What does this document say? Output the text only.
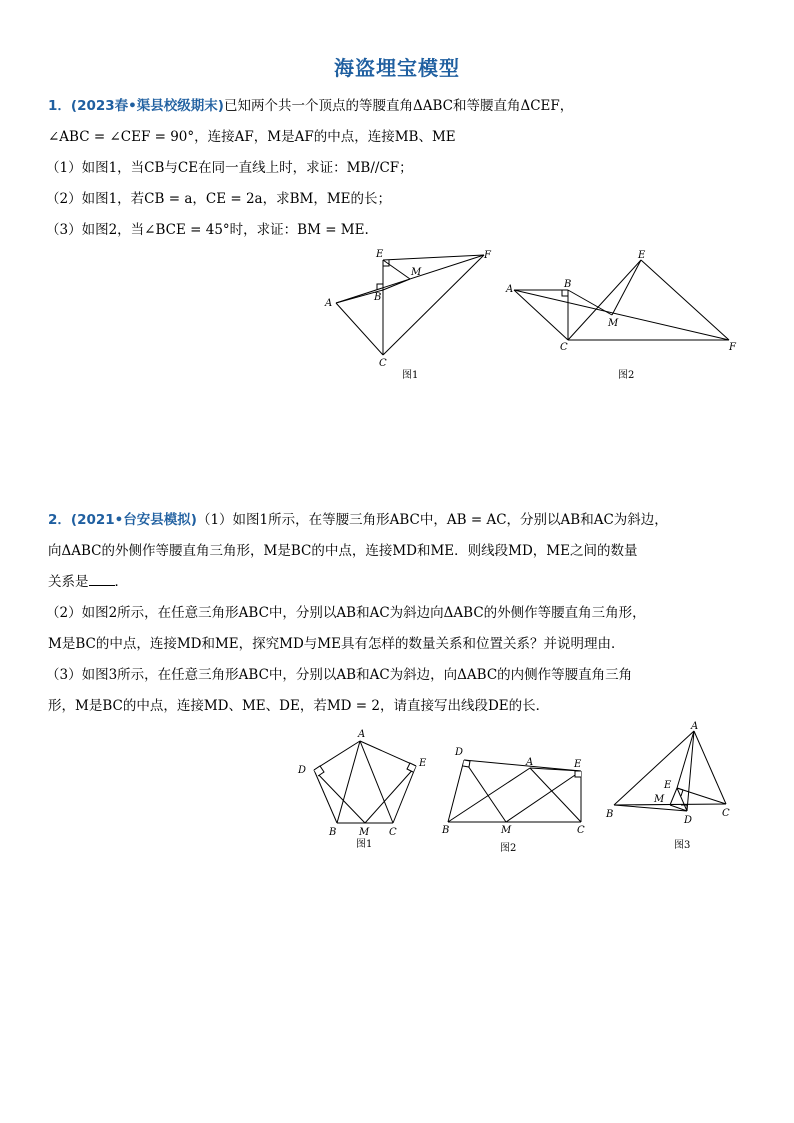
海盗埋宝模型
1．(2023春•渠县校级期末)已知两个共一个顶点的等腰直角ΔABC和等腰直角ΔCEF，
∠ABC = ∠CEF = 90°，连接AF，M是AF的中点，连接MB、ME
（1）如图1，当CB与CE在同一直线上时，求证：MB//CF；
（2）如图1，若CB = a，CE = 2a，求BM，ME的长；
（3）如图2，当∠BCE = 45°时，求证：BM = ME.
E	F
M
A
B
C
图1
E
A	B
M
C	F
图2
2．(2021•台安县模拟)（1）如图1所示，在等腰三角形ABC中，AB = AC，分别以AB和AC为斜边，
向ΔABC的外侧作等腰直角三角形，M是BC的中点，连接MD和ME．则线段MD，ME之间的数量
关系是 ．
（2）如图2所示，在任意三角形ABC中，分别以AB和AC为斜边向ΔABC的外侧作等腰直角三角形，
M是BC的中点，连接MD和ME，探究MD与ME具有怎样的数量关系和位置关系？并说明理由．
（3）如图3所示，在任意三角形ABC中，分别以AB和AC为斜边，向ΔABC的内侧作等腰直角三角
形，M是BC的中点，连接MD、ME、DE，若MD = 2，请直接写出线段DE的长．
A
D
E
B M C
图1
D
A	E
B	M	C
图2
A
E
M
B
D
C
图3
